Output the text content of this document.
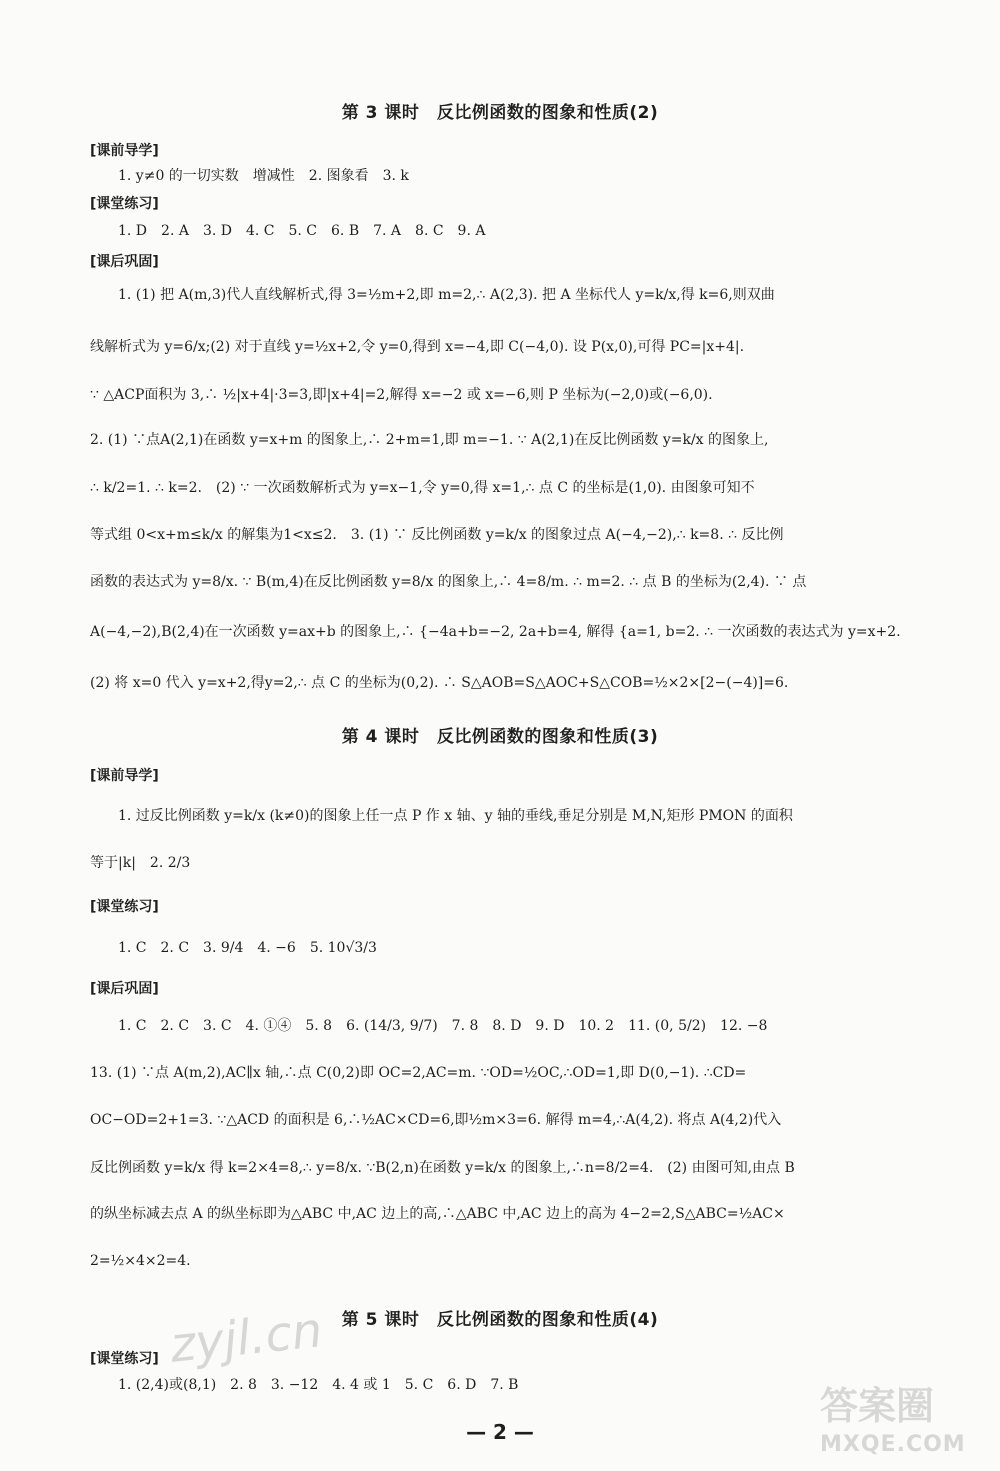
第 3 课时　反比例函数的图象和性质(2)
[课前导学]
1. y≠0 的一切实数　增减性　2. 图象看　3. k
[课堂练习]
1. D　2. A　3. D　4. C　5. C　6. B　7. A　8. C　9. A
[课后巩固]
1. (1) 把 A(m,3)代人直线解析式,得 3=½m+2,即 m=2,∴ A(2,3). 把 A 坐标代人 y=k/x,得 k=6,则双曲
线解析式为 y=6/x;(2) 对于直线 y=½x+2,令 y=0,得到 x=−4,即 C(−4,0). 设 P(x,0),可得 PC=|x+4|.
∵ △ACP面积为 3,∴ ½|x+4|·3=3,即|x+4|=2,解得 x=−2 或 x=−6,则 P 坐标为(−2,0)或(−6,0).
2. (1) ∵点A(2,1)在函数 y=x+m 的图象上,∴ 2+m=1,即 m=−1. ∵ A(2,1)在反比例函数 y=k/x 的图象上,
∴ k/2=1. ∴ k=2.　(2) ∵ 一次函数解析式为 y=x−1,令 y=0,得 x=1,∴ 点 C 的坐标是(1,0). 由图象可知不
等式组 0<x+m≤k/x 的解集为1<x≤2.　3. (1) ∵ 反比例函数 y=k/x 的图象过点 A(−4,−2),∴ k=8. ∴ 反比例
函数的表达式为 y=8/x. ∵ B(m,4)在反比例函数 y=8/x 的图象上,∴ 4=8/m. ∴ m=2. ∴ 点 B 的坐标为(2,4). ∵ 点
A(−4,−2),B(2,4)在一次函数 y=ax+b 的图象上,∴ {−4a+b=−2, 2a+b=4, 解得 {a=1, b=2. ∴ 一次函数的表达式为 y=x+2.
(2) 将 x=0 代入 y=x+2,得y=2,∴ 点 C 的坐标为(0,2). ∴ S△AOB=S△AOC+S△COB=½×2×[2−(−4)]=6.
第 4 课时　反比例函数的图象和性质(3)
[课前导学]
1. 过反比例函数 y=k/x (k≠0)的图象上任一点 P 作 x 轴、y 轴的垂线,垂足分别是 M,N,矩形 PMON 的面积
等于|k|　2. 2/3
[课堂练习]
1. C　2. C　3. 9/4　4. −6　5. 10√3/3
[课后巩固]
1. C　2. C　3. C　4. ①④　5. 8　6. (14/3, 9/7)　7. 8　8. D　9. D　10. 2　11. (0, 5/2)　12. −8
13. (1) ∵点 A(m,2),AC∥x 轴,∴点 C(0,2)即 OC=2,AC=m. ∵OD=½OC,∴OD=1,即 D(0,−1). ∴CD=
OC−OD=2+1=3. ∵△ACD 的面积是 6,∴½AC×CD=6,即½m×3=6. 解得 m=4,∴A(4,2). 将点 A(4,2)代入
反比例函数 y=k/x 得 k=2×4=8,∴ y=8/x. ∵B(2,n)在函数 y=k/x 的图象上,∴n=8/2=4.　(2) 由图可知,由点 B
的纵坐标减去点 A 的纵坐标即为△ABC 中,AC 边上的高,∴△ABC 中,AC 边上的高为 4−2=2,S△ABC=½AC×
2=½×4×2=4.
第 5 课时　反比例函数的图象和性质(4)
[课堂练习]
1. (2,4)或(8,1)　2. 8　3. −12　4. 4 或 1　5. C　6. D　7. B
— 2 —
zyjl.cn
答案圈
MXQE.COM
